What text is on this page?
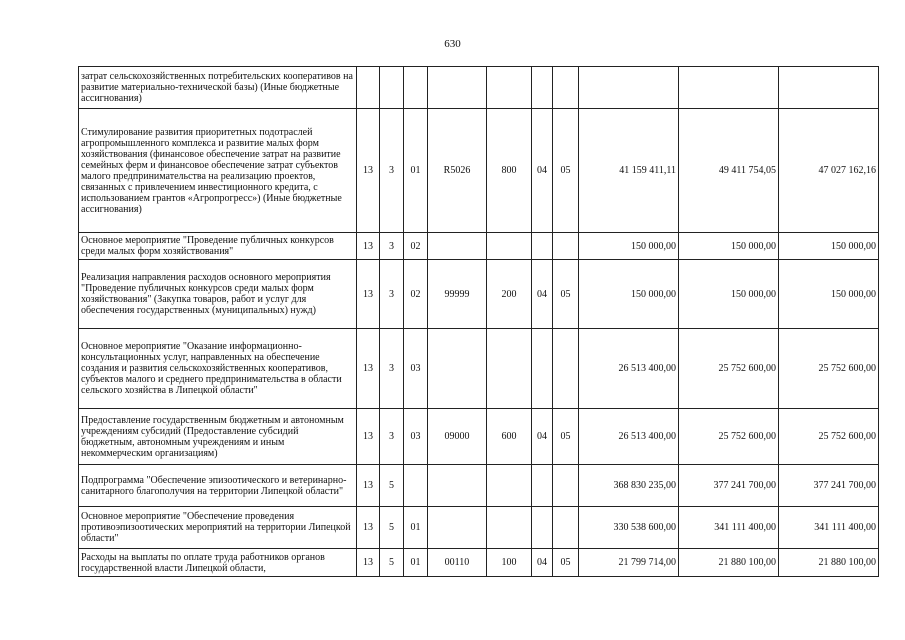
630
затрат сельскохозяйственных потребительских кооперативов на развитие материально-технической базы) (Иные бюджетные ассигнования)										
Стимулирование развития приоритетных подотраслей агропромышленного комплекса и развитие малых форм хозяйствования (финансовое обеспечение затрат на развитие семейных ферм и финансовое обеспечение затрат субъектов малого предпринимательства на реализацию проектов, связанных с привлечением инвестиционного кредита, с использованием грантов «Агропрогресс») (Иные бюджетные ассигнования)	13	3	01	R5026	800	04	05	41 159 411,11	49 411 754,05	47 027 162,16
Основное мероприятие "Проведение публичных конкурсов среди малых форм хозяйствования"	13	3	02					150 000,00	150 000,00	150 000,00
Реализация направления расходов основного мероприятия "Проведение публичных конкурсов среди малых форм хозяйствования" (Закупка товаров, работ и услуг для обеспечения государственных (муниципальных) нужд)	13	3	02	99999	200	04	05	150 000,00	150 000,00	150 000,00
Основное мероприятие "Оказание информационно-консультационных услуг, направленных на обеспечение создания и развития сельскохозяйственных кооперативов, субъектов малого и среднего предпринимательства в области сельского хозяйства в Липецкой области"	13	3	03					26 513 400,00	25 752 600,00	25 752 600,00
Предоставление государственным бюджетным и автономным учреждениям субсидий (Предоставление субсидий бюджетным, автономным учреждениям и иным некоммерческим организациям)	13	3	03	09000	600	04	05	26 513 400,00	25 752 600,00	25 752 600,00
Подпрограмма "Обеспечение эпизоотического и ветеринарно-санитарного благополучия на территории Липецкой области"	13	5						368 830 235,00	377 241 700,00	377 241 700,00
Основное мероприятие "Обеспечение проведения противоэпизоотических мероприятий на территории Липецкой области"	13	5	01					330 538 600,00	341 111 400,00	341 111 400,00
Расходы на выплаты по оплате труда работников органов государственной власти Липецкой области,	13	5	01	00110	100	04	05	21 799 714,00	21 880 100,00	21 880 100,00
